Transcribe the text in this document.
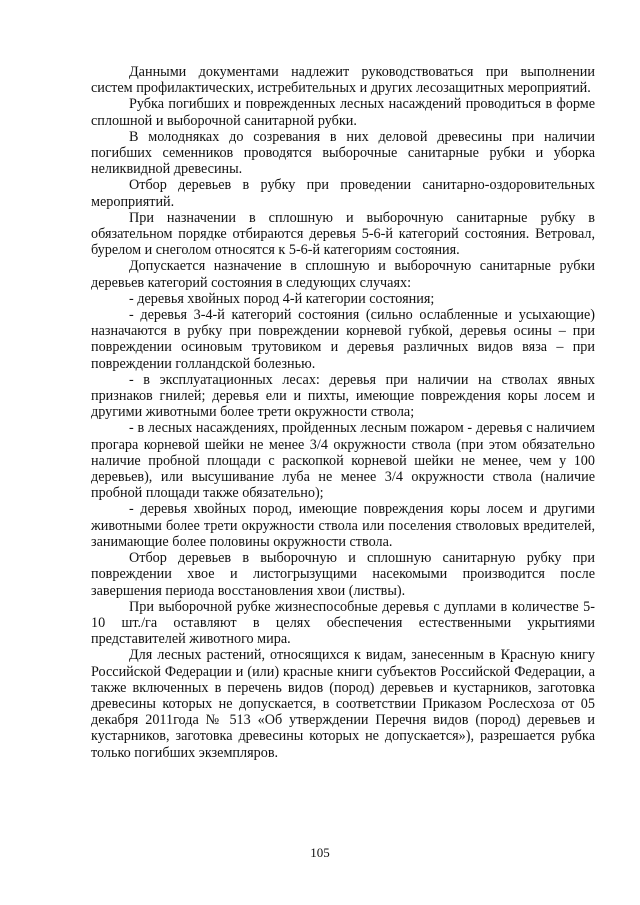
Данными документами надлежит руководствоваться при выполнении систем профилактических, истребительных и других лесозащитных мероприятий.

Рубка погибших и поврежденных лесных насаждений проводиться в форме сплошной и выборочной санитарной рубки.

В молодняках до созревания в них деловой древесины при наличии погибших семенников проводятся выборочные санитарные рубки и уборка неликвидной древесины.

Отбор деревьев в рубку при проведении санитарно-оздоровительных мероприятий.

При назначении в сплошную и выборочную санитарные рубку в обязательном порядке отбираются деревья 5-6-й категорий состояния. Ветровал, бурелом и снеголом относятся к 5-6-й категориям состояния.

Допускается назначение в сплошную и выборочную санитарные рубки деревьев категорий состояния в следующих случаях:

- деревья хвойных пород 4-й категории состояния;

- деревья 3-4-й категорий состояния (сильно ослабленные и усыхающие) назначаются в рубку при повреждении корневой губкой, деревья осины – при повреждении осиновым трутовиком и деревья различных видов вяза – при повреждении голландской болезнью.

- в эксплуатационных лесах: деревья при наличии на стволах явных признаков гнилей; деревья ели и пихты, имеющие повреждения коры лосем и другими животными более трети окружности ствола;

- в лесных насаждениях, пройденных лесным пожаром - деревья с наличием прогара корневой шейки не менее 3/4 окружности ствола (при этом обязательно наличие пробной площади с раскопкой корневой шейки не менее, чем у 100 деревьев), или высушивание луба не менее 3/4 окружности ствола (наличие пробной площади также обязательно);

- деревья хвойных пород, имеющие повреждения коры лосем и другими животными более трети окружности ствола или поселения стволовых вредителей, занимающие более половины окружности ствола.

Отбор деревьев в выборочную и сплошную санитарную рубку при повреждении хвое и листогрызущими насекомыми производится после завершения периода восстановления хвои (листвы).

При выборочной рубке жизнеспособные деревья с дуплами в количестве 5-10 шт./га оставляют в целях обеспечения естественными укрытиями представителей животного мира.

Для лесных растений, относящихся к видам, занесенным в Красную книгу Российской Федерации и (или) красные книги субъектов Российской Федерации, а также включенных в перечень видов (пород) деревьев и кустарников, заготовка древесины которых не допускается, в соответствии Приказом Рослесхоза от 05 декабря 2011года № 513 «Об утверждении Перечня видов (пород) деревьев и кустарников, заготовка древесины которых не допускается»), разрешается рубка только погибших экземпляров.

105
